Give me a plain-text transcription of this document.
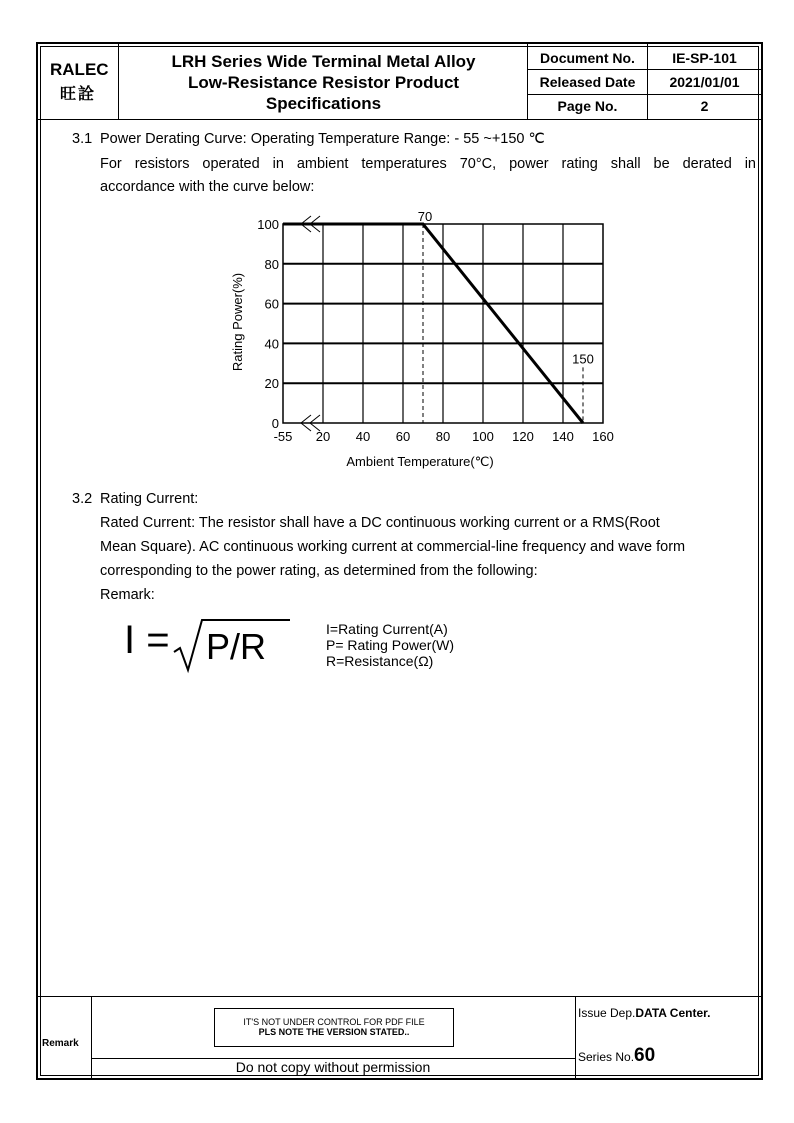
RALEC
旺詮
LRH Series Wide Terminal Metal Alloy
Low-Resistance Resistor Product
Specifications
Document No.	IE-SP-101
Released Date	2021/01/01
Page No.	2
3.1 Power Derating Curve: Operating Temperature Range: - 55 ~+150 ℃
For resistors operated in ambient temperatures 70°C, power rating shall be derated in
accordance with the curve below:
0
20
40
60
80
100
-55 20 40 60 80 100 120 140 160
70
150
Ambient Temperature(℃)
Rating Power(%)
3.2 Rating Current:
Rated Current: The resistor shall have a DC continuous working current or a RMS(Root
Mean Square). AC continuous working current at commercial-line frequency and wave form
corresponding to the power rating, as determined from the following:
Remark:
I = P/R	I=Rating Current(A)
P= Rating Power(W)
R=Resistance(Ω)
Remark
IT'S NOT UNDER CONTROL FOR PDF FILE
PLS NOTE THE VERSION STATED..
Do not copy without permission
Issue Dep.DATA Center.
Series No.60
